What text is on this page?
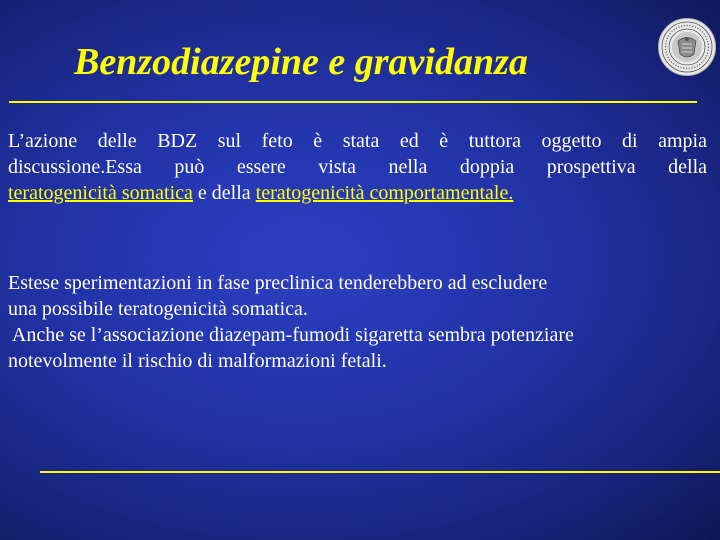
Benzodiazepine e gravidanza

L’azione delle BDZ sul feto è stata ed è tuttora oggetto di ampia
discussione.Essa può essere vista nella doppia prospettiva della
teratogenicità somatica e della teratogenicità comportamentale.

Estese sperimentazioni in fase preclinica tenderebbero ad escludere
una possibile teratogenicità somatica.
Anche se l’associazione diazepam-fumodi sigaretta sembra potenziare
notevolmente il rischio di malformazioni fetali.
